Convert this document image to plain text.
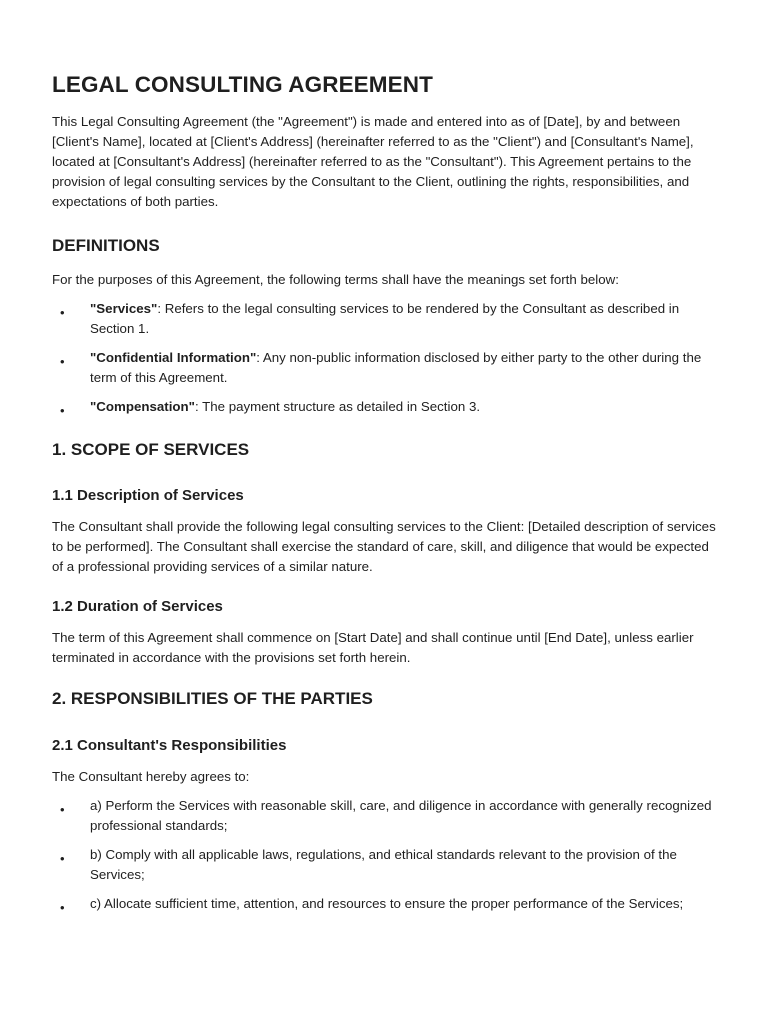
LEGAL CONSULTING AGREEMENT

This Legal Consulting Agreement (the "Agreement") is made and entered into as of [Date], by and between [Client's Name], located at [Client's Address] (hereinafter referred to as the "Client") and [Consultant's Name], located at [Consultant's Address] (hereinafter referred to as the "Consultant"). This Agreement pertains to the provision of legal consulting services by the Consultant to the Client, outlining the rights, responsibilities, and expectations of both parties.

DEFINITIONS

For the purposes of this Agreement, the following terms shall have the meanings set forth below:

• "Services": Refers to the legal consulting services to be rendered by the Consultant as described in Section 1.
• "Confidential Information": Any non-public information disclosed by either party to the other during the term of this Agreement.
• "Compensation": The payment structure as detailed in Section 3.
1. SCOPE OF SERVICES
1.1 Description of Services

The Consultant shall provide the following legal consulting services to the Client: [Detailed description of services to be performed]. The Consultant shall exercise the standard of care, skill, and diligence that would be expected of a professional providing services of a similar nature.

1.2 Duration of Services

The term of this Agreement shall commence on [Start Date] and shall continue until [End Date], unless earlier terminated in accordance with the provisions set forth herein.

2. RESPONSIBILITIES OF THE PARTIES
2.1 Consultant's Responsibilities

The Consultant hereby agrees to:

• a) Perform the Services with reasonable skill, care, and diligence in accordance with generally recognized professional standards;
• b) Comply with all applicable laws, regulations, and ethical standards relevant to the provision of the Services;
• c) Allocate sufficient time, attention, and resources to ensure the proper performance of the Services;
